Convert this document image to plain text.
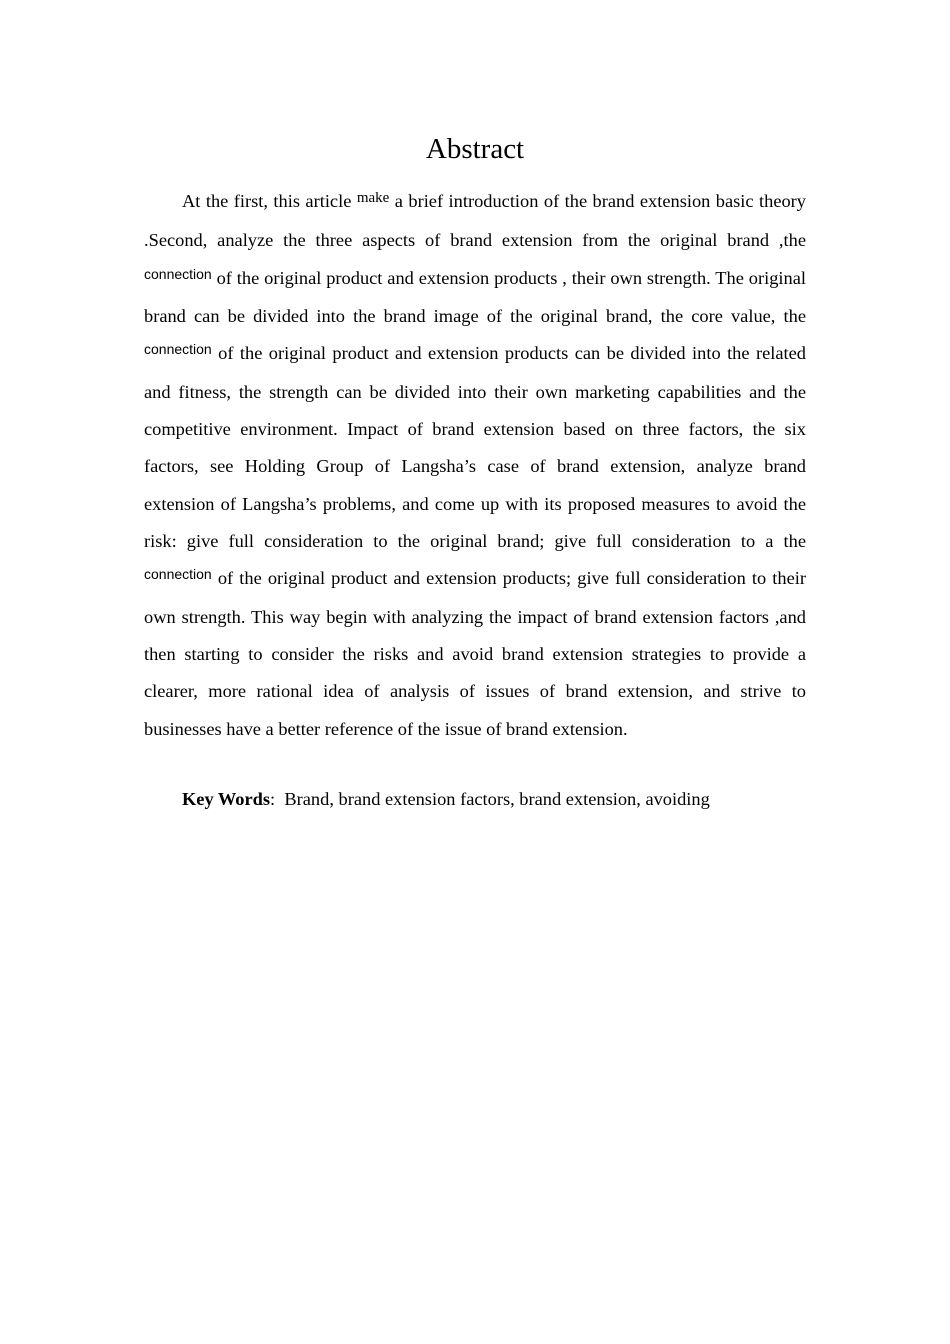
Abstract

At the first, this article $^{make}$ a brief introduction of the brand extension basic theory .Second, analyze the three aspects of brand extension from the original brand ,the $^{connection}$ of the original product and extension products , their own strength. The original brand can be divided into the brand image of the original brand, the core value, the $^{connection}$ of the original product and extension products can be divided into the related and fitness, the strength can be divided into their own marketing capabilities and the competitive environment. Impact of brand extension based on three factors, the six factors, see Holding Group of Langsha’s case of brand extension, analyze brand extension of Langsha’s problems, and come up with its proposed measures to avoid the risk: give full consideration to the original brand; give full consideration to a the $^{connection}$ of the original product and extension products; give full consideration to their own strength. This way begin with analyzing the impact of brand extension factors ,and then starting to consider the risks and avoid brand extension strategies to provide a clearer, more rational idea of analysis of issues of brand extension, and strive to businesses have a better reference of the issue of brand extension.

Key Words: Brand, brand extension factors, brand extension, avoiding
